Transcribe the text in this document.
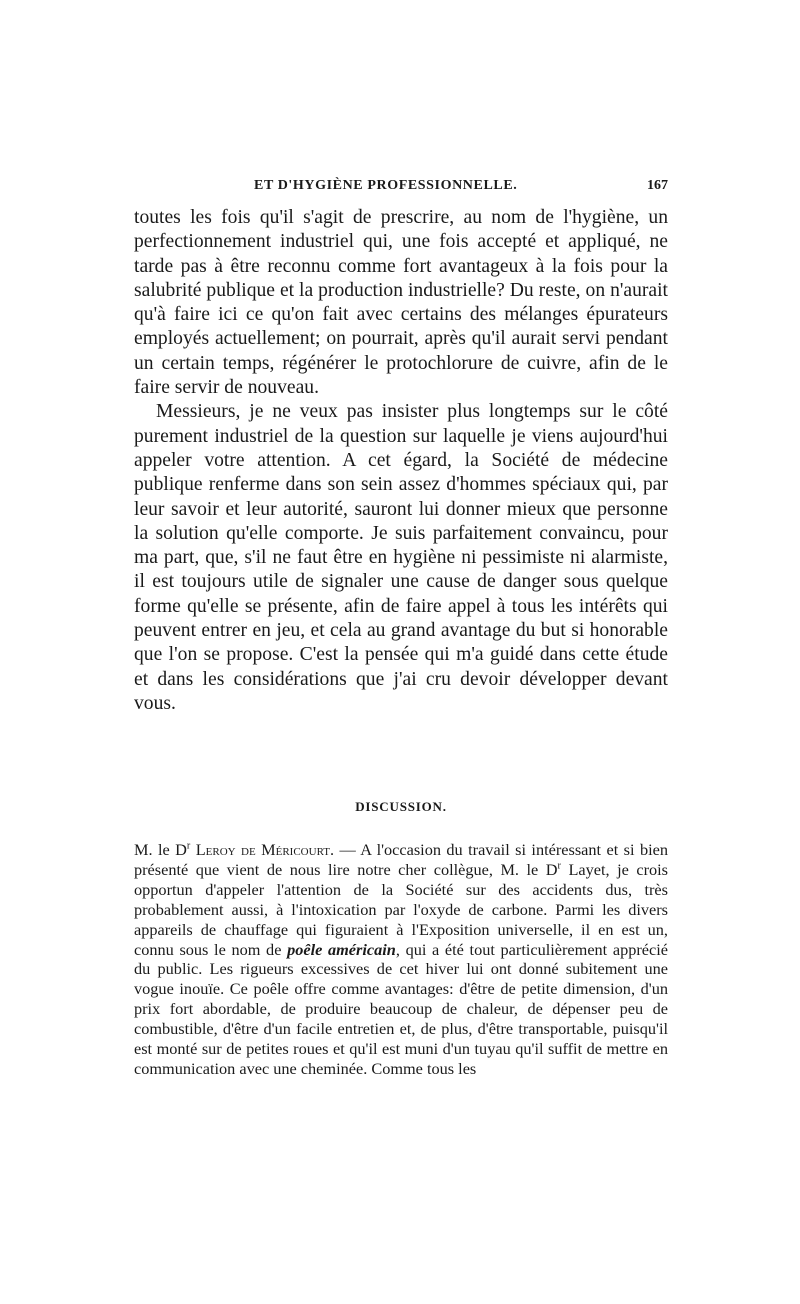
ET D'HYGIÈNE PROFESSIONNELLE.	167

toutes les fois qu'il s'agit de prescrire, au nom de l'hygiène, un perfectionnement industriel qui, une fois accepté et appliqué, ne tarde pas à être reconnu comme fort avantageux à la fois pour la salubrité publique et la production industrielle? Du reste, on n'aurait qu'à faire ici ce qu'on fait avec certains des mélanges épurateurs employés actuellement; on pourrait, après qu'il aurait servi pendant un certain temps, régénérer le protochlorure de cuivre, afin de le faire servir de nouveau.

Messieurs, je ne veux pas insister plus longtemps sur le côté purement industriel de la question sur laquelle je viens aujourd'hui appeler votre attention. A cet égard, la Société de médecine publique renferme dans son sein assez d'hommes spéciaux qui, par leur savoir et leur autorité, sauront lui donner mieux que personne la solution qu'elle comporte. Je suis parfaitement convaincu, pour ma part, que, s'il ne faut être en hygiène ni pessimiste ni alarmiste, il est toujours utile de signaler une cause de danger sous quelque forme qu'elle se présente, afin de faire appel à tous les intérêts qui peuvent entrer en jeu, et cela au grand avantage du but si honorable que l'on se propose. C'est la pensée qui m'a guidé dans cette étude et dans les considérations que j'ai cru devoir développer devant vous.

DISCUSSION.

M. le $D^r$ Leroy de Méricourt. — A l'occasion du travail si intéressant et si bien présenté que vient de nous lire notre cher collègue, M. le $D^r$ Layet, je crois opportun d'appeler l'attention de la Société sur des accidents dus, très probablement aussi, à l'intoxication par l'oxyde de carbone. Parmi les divers appareils de chauffage qui figuraient à l'Exposition universelle, il en est un, connu sous le nom de poêle américain, qui a été tout particulièrement apprécié du public. Les rigueurs excessives de cet hiver lui ont donné subitement une vogue inouïe. Ce poêle offre comme avantages: d'être de petite dimension, d'un prix fort abordable, de produire beaucoup de chaleur, de dépenser peu de combustible, d'être d'un facile entretien et, de plus, d'être transportable, puisqu'il est monté sur de petites roues et qu'il est muni d'un tuyau qu'il suffit de mettre en communication avec une cheminée. Comme tous les
